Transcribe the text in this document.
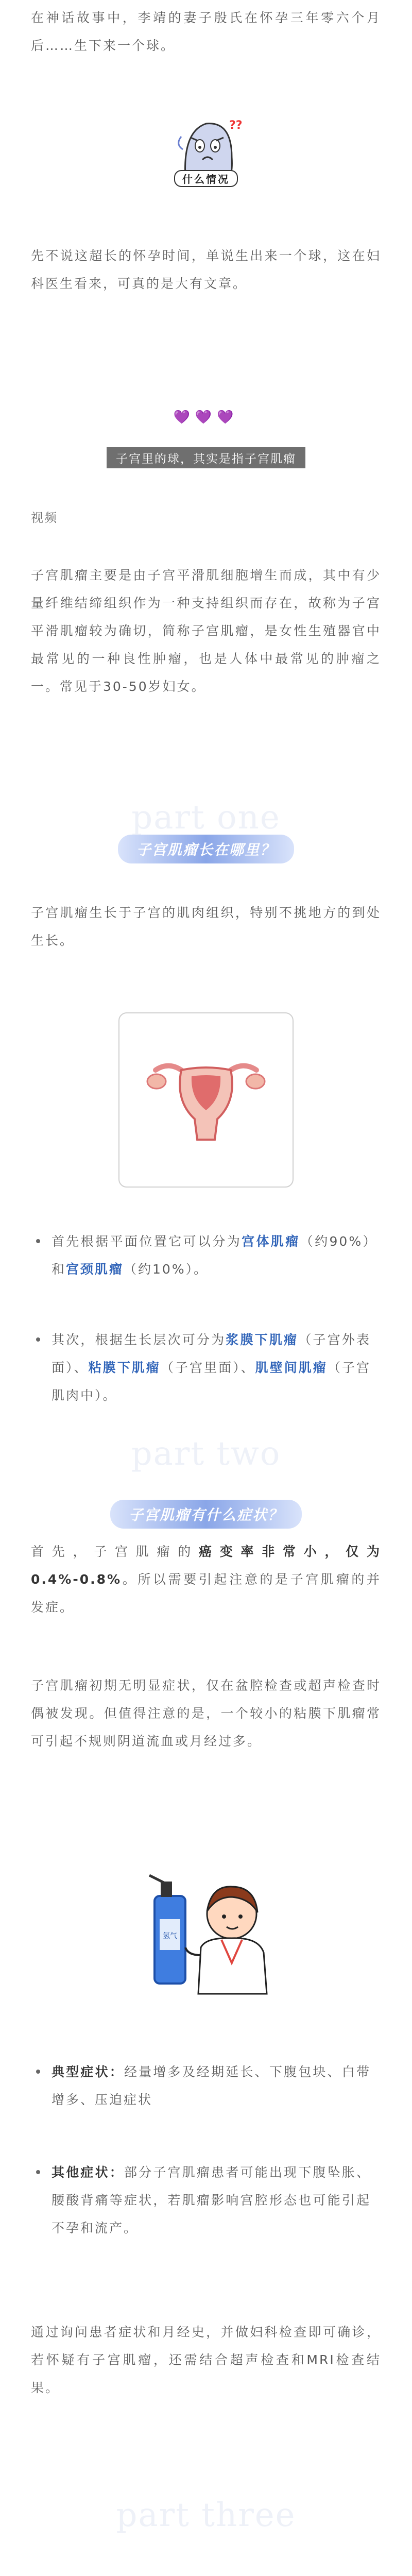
在神话故事中，李靖的妻子殷氏在怀孕三年零六个月后……生下来一个球。

??
什么情况

先不说这超长的怀孕时间，单说生出来一个球，这在妇科医生看来，可真的是大有文章。

💜💜💜
子宫里的球，其实是指子宫肌瘤
视频

子宫肌瘤主要是由子宫平滑肌细胞增生而成，其中有少量纤维结缔组织作为一种支持组织而存在，故称为子宫平滑肌瘤较为确切，简称子宫肌瘤，是女性生殖器官中最常见的一种良性肿瘤，也是人体中最常见的肿瘤之一。常见于30-50岁妇女。

part one
子宫肌瘤长在哪里？

子宫肌瘤生长于子宫的肌肉组织，特别不挑地方的到处生长。

首先根据平面位置它可以分为宫体肌瘤（约90%）和宫颈肌瘤（约10%）。
其次，根据生长层次可分为浆膜下肌瘤（子宫外表面）、粘膜下肌瘤（子宫里面）、肌壁间肌瘤（子宫肌肉中）。
part two
子宫肌瘤有什么症状？

首先，子宫肌瘤的癌变率非常小，仅为0.4%-0.8%。所以需要引起注意的是子宫肌瘤的并发症。

子宫肌瘤初期无明显症状，仅在盆腔检查或超声检查时偶被发现。但值得注意的是，一个较小的粘膜下肌瘤常可引起不规则阴道流血或月经过多。

氢气
典型症状：经量增多及经期延长、下腹包块、白带增多、压迫症状
其他症状：部分子宫肌瘤患者可能出现下腹坠胀、腰酸背痛等症状，若肌瘤影响宫腔形态也可能引起不孕和流产。

通过询问患者症状和月经史，并做妇科检查即可确诊，若怀疑有子宫肌瘤，还需结合超声检查和MRI检查结果。

part three
